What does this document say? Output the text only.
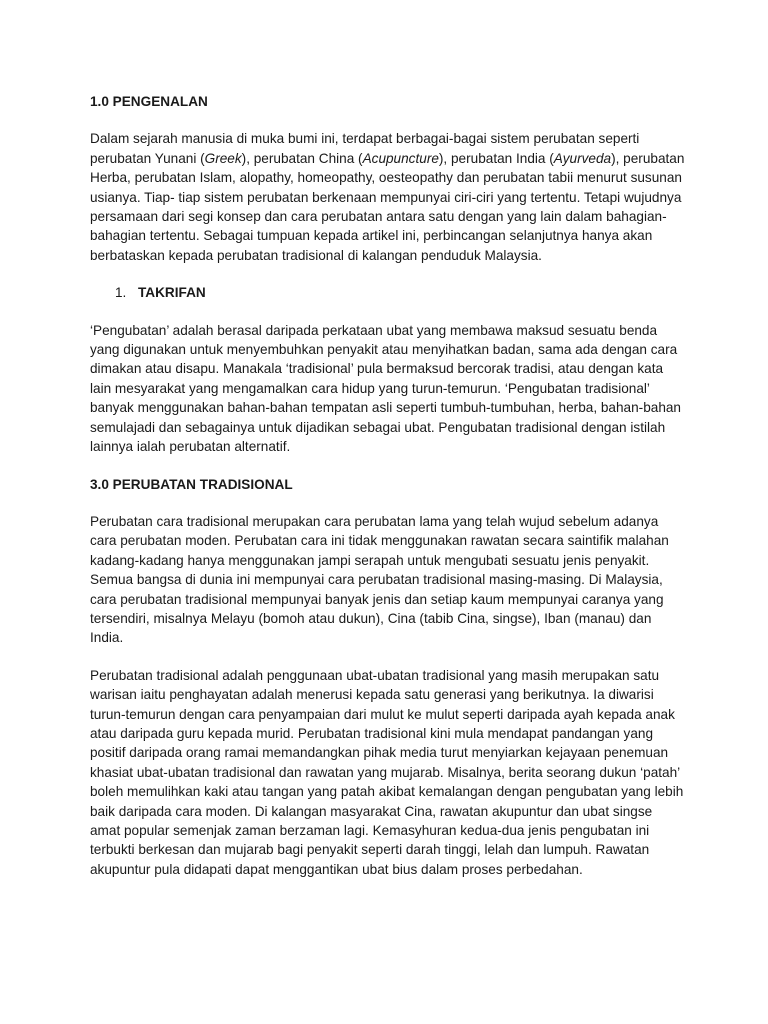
1.0 PENGENALAN

Dalam sejarah manusia di muka bumi ini, terdapat berbagai-bagai sistem perubatan seperti perubatan Yunani (Greek), perubatan China (Acupuncture), perubatan India (Ayurveda), perubatan Herba, perubatan Islam, alopathy, homeopathy, oesteopathy dan perubatan tabii menurut susunan usianya. Tiap- tiap sistem perubatan berkenaan mempunyai ciri-ciri yang tertentu. Tetapi wujudnya persamaan dari segi konsep dan cara perubatan antara satu dengan yang lain dalam bahagian-bahagian tertentu. Sebagai tumpuan kepada artikel ini, perbincangan selanjutnya hanya akan berbataskan kepada perubatan tradisional di kalangan penduduk Malaysia.

1. TAKRIFAN

‘Pengubatan’ adalah berasal daripada perkataan ubat yang membawa maksud sesuatu benda yang digunakan untuk menyembuhkan penyakit atau menyihatkan badan, sama ada dengan cara dimakan atau disapu. Manakala ‘tradisional’ pula bermaksud bercorak tradisi, atau dengan kata lain mesyarakat yang mengamalkan cara hidup yang turun-temurun. ‘Pengubatan tradisional’ banyak menggunakan bahan-bahan tempatan asli seperti tumbuh-tumbuhan, herba, bahan-bahan semulajadi dan sebagainya untuk dijadikan sebagai ubat. Pengubatan tradisional dengan istilah lainnya ialah perubatan alternatif.

3.0 PERUBATAN TRADISIONAL

Perubatan cara tradisional merupakan cara perubatan lama yang telah wujud sebelum adanya cara perubatan moden. Perubatan cara ini tidak menggunakan rawatan secara saintifik malahan kadang-kadang hanya menggunakan jampi serapah untuk mengubati sesuatu jenis penyakit. Semua bangsa di dunia ini mempunyai cara perubatan tradisional masing-masing. Di Malaysia, cara perubatan tradisional mempunyai banyak jenis dan setiap kaum mempunyai caranya yang tersendiri, misalnya Melayu (bomoh atau dukun), Cina (tabib Cina, singse), Iban (manau) dan India.

Perubatan tradisional adalah penggunaan ubat-ubatan tradisional yang masih merupakan satu warisan iaitu penghayatan adalah menerusi kepada satu generasi yang berikutnya. Ia diwarisi turun-temurun dengan cara penyampaian dari mulut ke mulut seperti daripada ayah kepada anak atau daripada guru kepada murid. Perubatan tradisional kini mula mendapat pandangan yang positif daripada orang ramai memandangkan pihak media turut menyiarkan kejayaan penemuan khasiat ubat-ubatan tradisional dan rawatan yang mujarab. Misalnya, berita seorang dukun ‘patah’ boleh memulihkan kaki atau tangan yang patah akibat kemalangan dengan pengubatan yang lebih baik daripada cara moden. Di kalangan masyarakat Cina, rawatan akupuntur dan ubat singse amat popular semenjak zaman berzaman lagi. Kemasyhuran kedua-dua jenis pengubatan ini terbukti berkesan dan mujarab bagi penyakit seperti darah tinggi, lelah dan lumpuh. Rawatan akupuntur pula didapati dapat menggantikan ubat bius dalam proses perbedahan.
